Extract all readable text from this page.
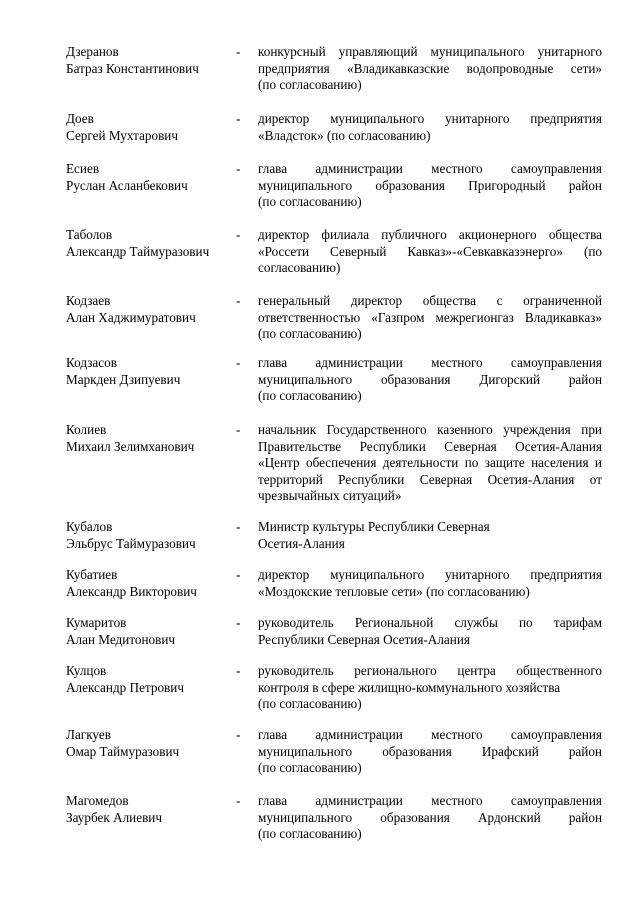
Дзеранов
Батраз Константинович
- конкурсный управляющий муниципального унитарного
предприятия «Владикавказские водопроводные сети»
(по согласованию)
Доев
Сергей Мухтарович
- директор муниципального унитарного предприятия
«Владсток» (по согласованию)
Есиев
Руслан Асланбекович
- глава администрации местного самоуправления
муниципального образования Пригородный район
(по согласованию)
Таболов
Александр Таймуразович
- директор филиала публичного акционерного общества
«Россети Северный Кавказ»-«Севкавказэнерго» (по
согласованию)
Кодзаев
Алан Хаджимуратович
- генеральный директор общества с ограниченной
ответственностью «Газпром межрегионгаз Владикавказ»
(по согласованию)
Кодзасов
Маркден Дзипуевич
- глава администрации местного самоуправления
муниципального образования Дигорский район
(по согласованию)
Колиев
Михаил Зелимханович
- начальник Государственного казенного учреждения при
Правительстве Республики Северная Осетия-Алания
«Центр обеспечения деятельности по защите населения и
территорий Республики Северная Осетия-Алания от
чрезвычайных ситуаций»
Кубалов
Эльбрус Таймуразович
- Министр культуры Республики Северная
Осетия-Алания
Кубатиев
Александр Викторович
- директор муниципального унитарного предприятия
«Моздокские тепловые сети» (по согласованию)
Кумаритов
Алан Медитонович
- руководитель Региональной службы по тарифам
Республики Северная Осетия-Алания
Кулцов
Александр Петрович
- руководитель регионального центра общественного
контроля в сфере жилищно-коммунального хозяйства
(по согласованию)
Лагкуев
Омар Таймуразович
- глава администрации местного самоуправления
муниципального образования Ирафский район
(по согласованию)
Магомедов
Заурбек Алиевич
- глава администрации местного самоуправления
муниципального образования Ардонский район
(по согласованию)
